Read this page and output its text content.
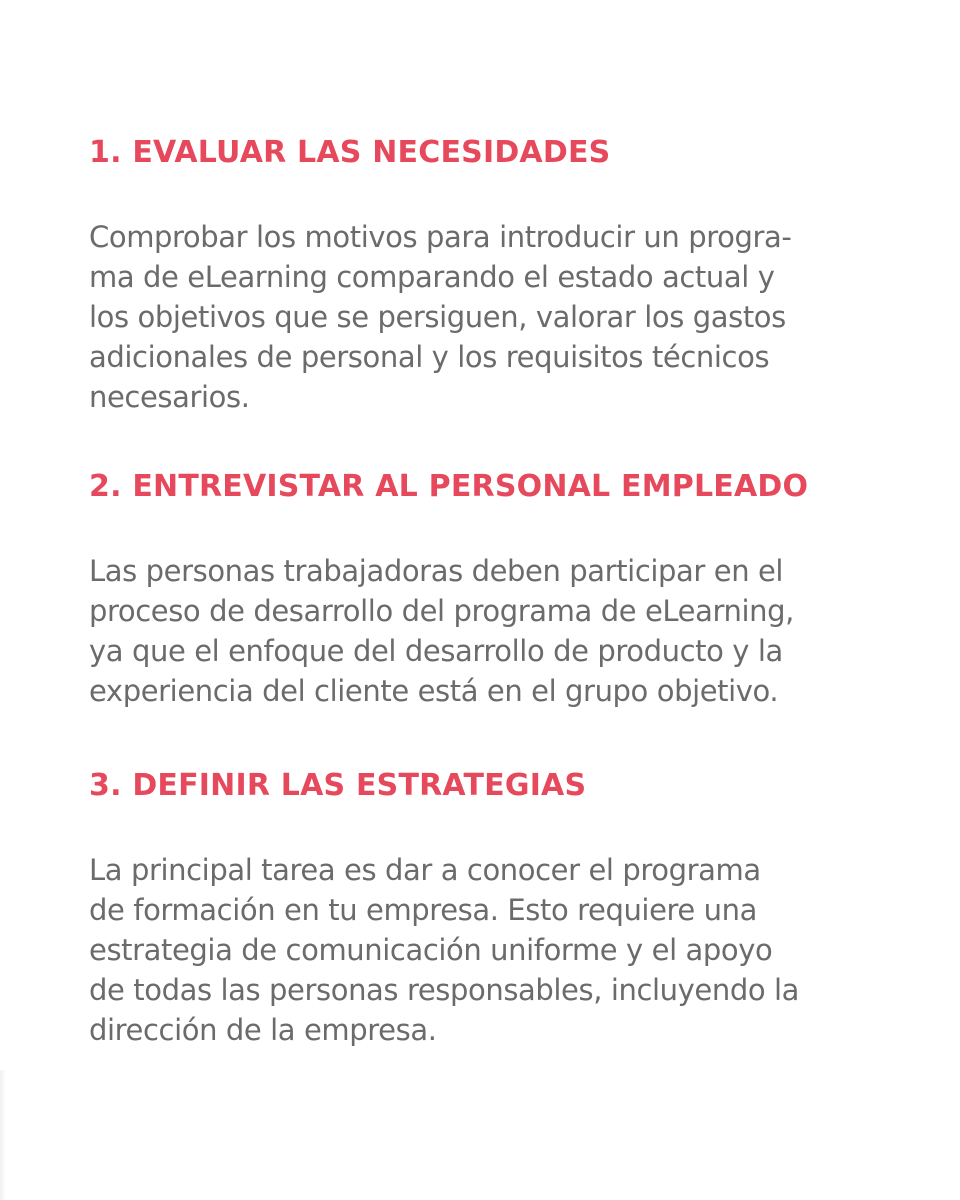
1. EVALUAR LAS NECESIDADES

Comprobar los motivos para introducir un progra-
ma de eLearning comparando el estado actual y
los objetivos que se persiguen, valorar los gastos
adicionales de personal y los requisitos técnicos
necesarios.

2. ENTREVISTAR AL PERSONAL EMPLEADO

Las personas trabajadoras deben participar en el
proceso de desarrollo del programa de eLearning,
ya que el enfoque del desarrollo de producto y la
experiencia del cliente está en el grupo objetivo.

3. DEFINIR LAS ESTRATEGIAS

La principal tarea es dar a conocer el programa
de formación en tu empresa. Esto requiere una
estrategia de comunicación uniforme y el apoyo
de todas las personas responsables, incluyendo la
dirección de la empresa.
